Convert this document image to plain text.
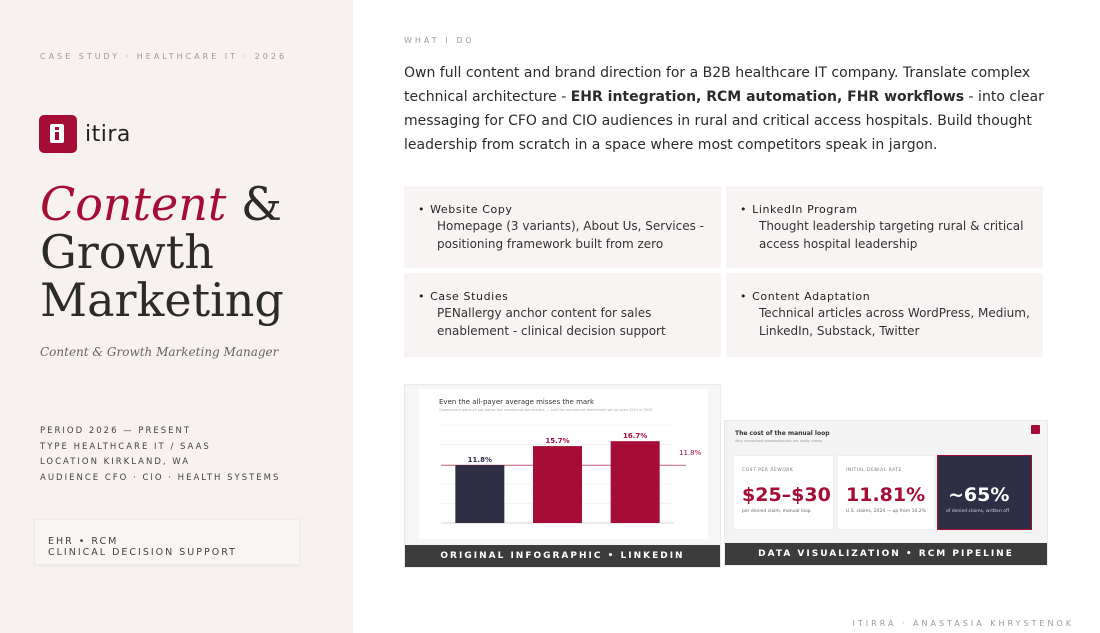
CASE STUDY · HEALTHCARE IT · 2026
itira
Content &
Growth
Marketing
Content & Growth Marketing Manager
PERIOD 2026 — PRESENT
TYPE HEALTHCARE IT / SAAS
LOCATION KIRKLAND, WA
AUDIENCE CFO · CIO · HEALTH SYSTEMS
EHR • RCM
CLINICAL DECISION SUPPORT
WHAT I DO
Own full content and brand direction for a B2B healthcare IT company. Translate complex technical architecture - EHR integration, RCM automation, FHR workflows - into clear messaging for CFO and CIO audiences in rural and critical access hospitals. Build thought leadership from scratch in a space where most competitors speak in jargon.
• Website Copy
Homepage (3 variants), About Us, Services - positioning framework built from zero
• LinkedIn Program
Thought leadership targeting rural & critical access hospital leadership
• Case Studies
PENallergy anchor content for sales enablement - clinical decision support
• Content Adaptation
Technical articles across WordPress, Medium, LinkedIn, Substack, Twitter
Even the all-payer average misses the mark
Government plans all pay below the commercial benchmark — and the commercial benchmark set up even 2023 in 2025.
11.8%
15.7%
16.7%
11.8%
ORIGINAL INFOGRAPHIC • LINKEDIN
The cost of the manual loop
Why unresolved appeals/denials are costly claims
DATA VISUALIZATION • RCM PIPELINE
COST PER REWORK
$25–$30
per denied claim, manual loop
INITIAL DENIAL RATE
11.81%
U.S. claims, 2024 — up from 10.2%
~65%
of denied claims, written off
ITIRRA · ANASTASIA KHRYSTENOK
